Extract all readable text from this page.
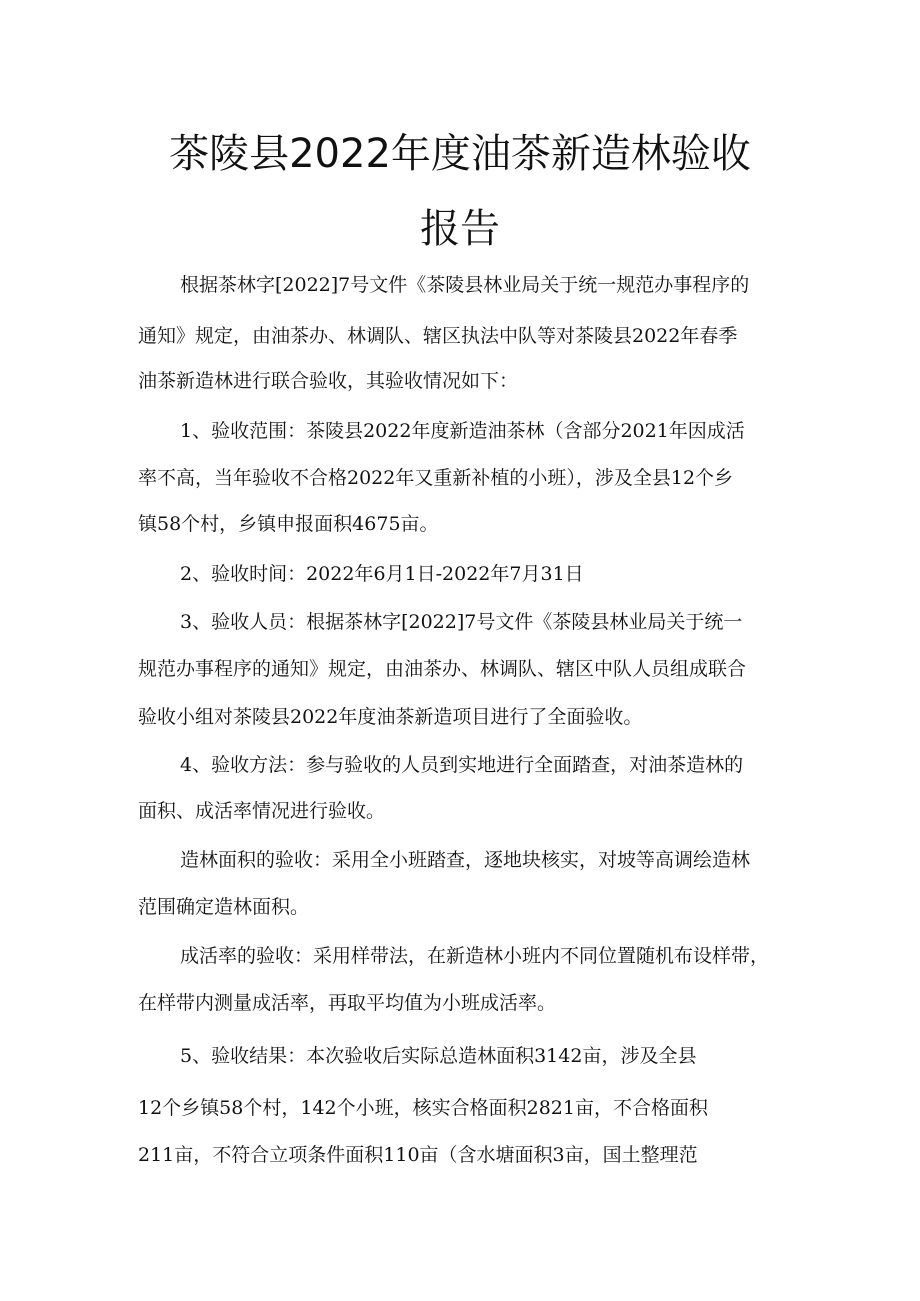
茶陵县2022年度油茶新造林验收
报告
根据茶林字[2022]7号文件《茶陵县林业局关于统一规范办事程序的
通知》规定，由油茶办、林调队、辖区执法中队等对茶陵县2022年春季
油茶新造林进行联合验收，其验收情况如下：
1、验收范围：茶陵县2022年度新造油茶林（含部分2021年因成活
率不高，当年验收不合格2022年又重新补植的小班），涉及全县12个乡
镇58个村，乡镇申报面积4675亩。
2、验收时间：2022年6月1日-2022年7月31日
3、验收人员：根据茶林字[2022]7号文件《茶陵县林业局关于统一
规范办事程序的通知》规定，由油茶办、林调队、辖区中队人员组成联合
验收小组对茶陵县2022年度油茶新造项目进行了全面验收。
4、验收方法：参与验收的人员到实地进行全面踏查，对油茶造林的
面积、成活率情况进行验收。
造林面积的验收：采用全小班踏查，逐地块核实，对坡等高调绘造林
范围确定造林面积。
成活率的验收：采用样带法，在新造林小班内不同位置随机布设样带，
在样带内测量成活率，再取平均值为小班成活率。
5、验收结果：本次验收后实际总造林面积3142亩，涉及全县
12个乡镇58个村，142个小班，核实合格面积2821亩，不合格面积
211亩，不符合立项条件面积110亩（含水塘面积3亩，国土整理范
